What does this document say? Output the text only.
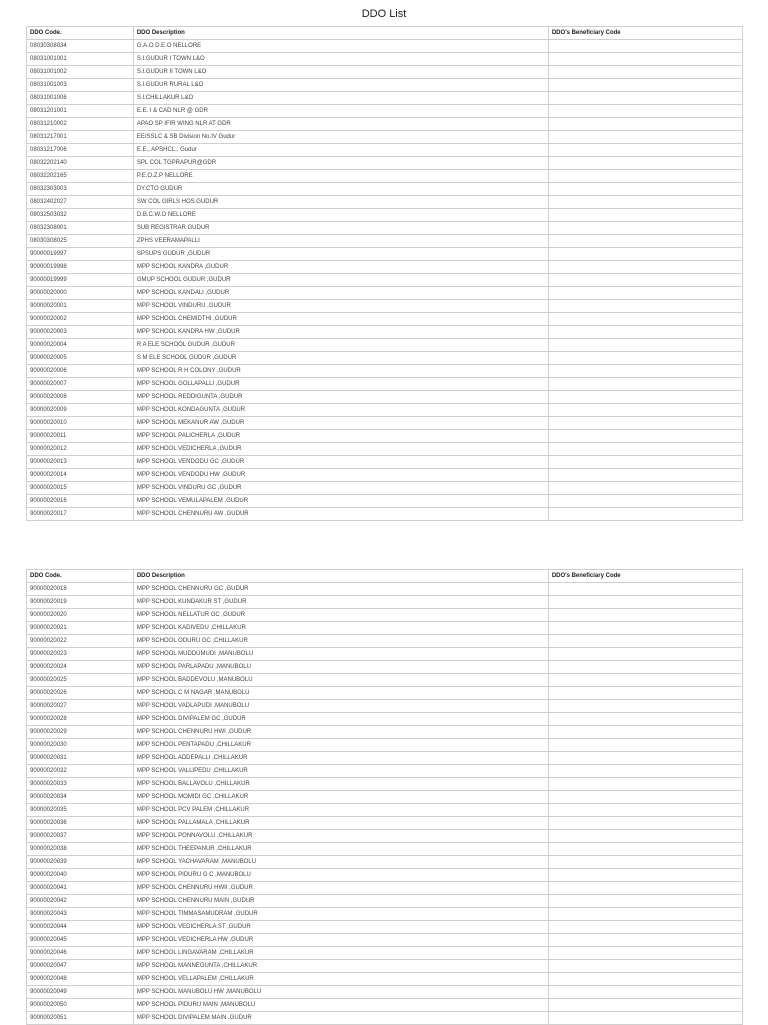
DDO List
DDO Code.	DDO Description	DDO's Beneficiary Code
08030308034	G.A.O D.E.O NELLORE	
08031001001	S.I.GUDUR I TOWN L&O	
08031001002	S.I.GUDUR II TOWN L&O	
08031001003	S.I.GUDUR RURAL L&O	
08031001006	S.I.CHILLAKUR L&O	
08031201001	E.E. I & CAD NLR @ GDR	
08031210002	APAO SP IFIR WING NLR AT GDR	
08031217001	EE/SSLC & SB Division No.IV Gudur	
08031217006	E.E., APSHCL., Gudur	
08032202140	SPL COL TGPRAPUR@GDR	
08032202165	P.E.O.Z.P NELLORE	
08032303003	DY.CTO GUDUR	
08032402027	SW COL GIRLS HOS.GUDUR	
08032503032	D.B.C.W.O NELLORE	
08032308001	SUB REGISTRAR GUDUR	
08030308025	ZPHS VEERAMAPALLI	
90000019997	SPSUPS GUDUR ,GUDUR	
90000019998	MPP SCHOOL KANDRA ,GUDUR	
90000019999	GMUP SCHOOL GUDUR ,GUDUR	
90000020000	MPP SCHOOL KANDALI ,GUDUR	
90000020001	MPP SCHOOL VINDURU ,GUDUR	
90000020002	MPP SCHOOL CHEMIDTHI ,GUDUR	
90000020003	MPP SCHOOL KANDRA HW ,GUDUR	
90000020004	R A ELE SCHOOL GUDUR ,GUDUR	
90000020005	S M ELE SCHOOL GUDUR ,GUDUR	
90000020006	MPP SCHOOL R H COLONY ,GUDUR	
90000020007	MPP SCHOOL GOLLAPALLI ,GUDUR	
90000020008	MPP SCHOOL REDDIGUNTA ,GUDUR	
90000020009	MPP SCHOOL KONDAGUNTA ,GUDUR	
90000020010	MPP SCHOOL MEKANUR AW ,GUDUR	
90000020011	MPP SCHOOL PALICHERLA ,GUDUR	
90000020012	MPP SCHOOL VEDICHERLA ,GUDUR	
90000020013	MPP SCHOOL VENDODU GC ,GUDUR	
90000020014	MPP SCHOOL VENDODU HW ,GUDUR	
90000020015	MPP SCHOOL VINDURU GC ,GUDUR	
90000020016	MPP SCHOOL VEMULAPALEM ,GUDUR	
90000020017	MPP SCHOOL CHENNURU AW ,GUDUR	
DDO Code.	DDO Description	DDO's Beneficiary Code
90000020018	MPP SCHOOL CHENNURU GC ,GUDUR	
90000020019	MPP SCHOOL KUNDAKUR ST ,GUDUR	
90000020020	MPP SCHOOL NELLATUR GC ,GUDUR	
90000020021	MPP SCHOOL KADIVEDU ,CHILLAKUR	
90000020022	MPP SCHOOL ODURU GC ,CHILLAKUR	
90000020023	MPP SCHOOL MUDDUMUDI ,MANUBOLU	
90000020024	MPP SCHOOL PARLAPADU ,MANUBOLU	
90000020025	MPP SCHOOL BADDEVOLU ,MANUBOLU	
90000020026	MPP SCHOOL C M NAGAR ,MANUBOLU	
90000020027	MPP SCHOOL VADLAPUDI ,MANUBOLU	
90000020028	MPP SCHOOL DIVIPALEM GC ,GUDUR	
90000020029	MPP SCHOOL CHENNURU HWI ,GUDUR	
90000020030	MPP SCHOOL PENTAPADU ,CHILLAKUR	
90000020031	MPP SCHOOL ADDEPALLI ,CHILLAKUR	
90000020032	MPP SCHOOL VALLIPEDU ,CHILLAKUR	
90000020033	MPP SCHOOL BALLAVOLU ,CHILLAKUR	
90000020034	MPP SCHOOL MOMIDI GC ,CHILLAKUR	
90000020035	MPP SCHOOL PCV PALEM ,CHILLAKUR	
90000020036	MPP SCHOOL PALLAMALA ,CHILLAKUR	
90000020037	MPP SCHOOL PONNAVOLU ,CHILLAKUR	
90000020038	MPP SCHOOL THEEPANUR ,CHILLAKUR	
90000020039	MPP SCHOOL YACHAVARAM ,MANUBOLU	
90000020040	MPP SCHOOL PIDURU G C ,MANUBOLU	
90000020041	MPP SCHOOL CHENNURU HWII ,GUDUR	
90000020042	MPP SCHOOL CHENNURU MAIN ,GUDUR	
90000020043	MPP SCHOOL TIMMASAMUDRAM ,GUDUR	
90000020044	MPP SCHOOL VEDICHERLA ST ,GUDUR	
90000020045	MPP SCHOOL VEDICHERLA HW ,GUDUR	
90000020046	MPP SCHOOL LINGAVARAM ,CHILLAKUR	
90000020047	MPP SCHOOL MANNEGUNTA ,CHILLAKUR	
90000020048	MPP SCHOOL VELLAPALEM ,CHILLAKUR	
90000020049	MPP SCHOOL MANUBOLU HW ,MANUBOLU	
90000020050	MPP SCHOOL PIDURU MAIN ,MANUBOLU	
90000020051	MPP SCHOOL DIVIPALEM MAIN ,GUDUR	
